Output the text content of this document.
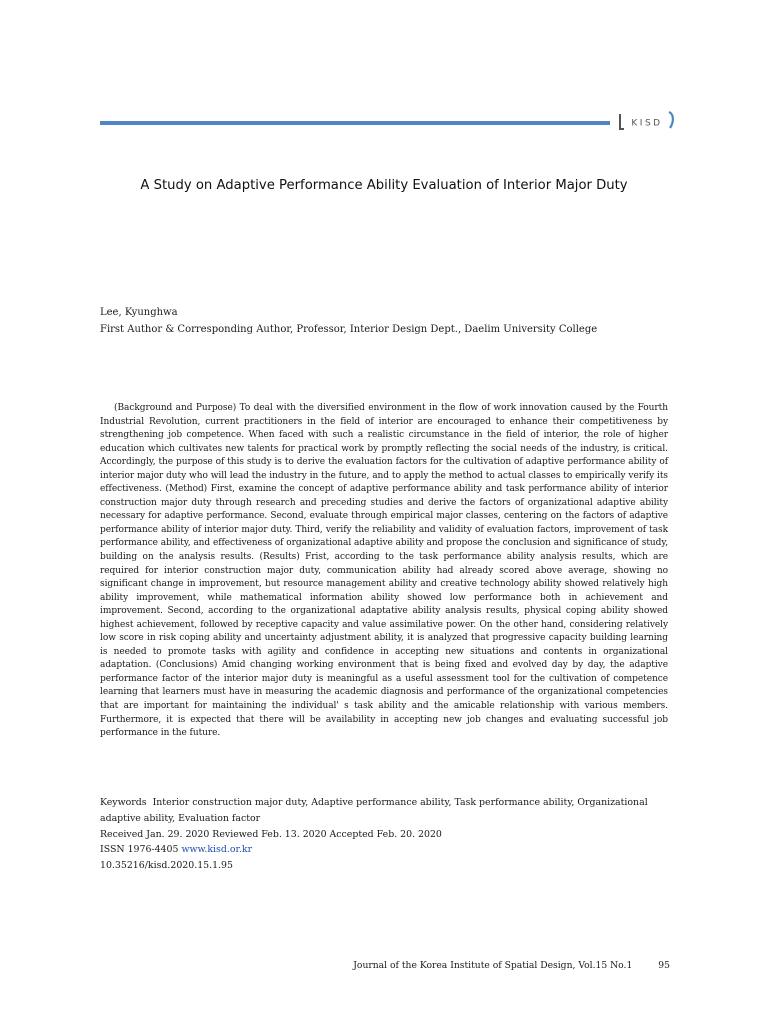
KISD
A Study on Adaptive Performance Ability Evaluation of Interior Major Duty
Lee, Kyunghwa
First Author & Corresponding Author, Professor, Interior Design Dept., Daelim University College

(Background and Purpose) To deal with the diversified environment in the flow of work innovation caused by the Fourth Industrial Revolution, current practitioners in the field of interior are encouraged to enhance their competitiveness by strengthening job competence. When faced with such a realistic circumstance in the field of interior, the role of higher education which cultivates new talents for practical work by promptly reflecting the social needs of the industry, is critical. Accordingly, the purpose of this study is to derive the evaluation factors for the cultivation of adaptive performance ability of interior major duty who will lead the industry in the future, and to apply the method to actual classes to empirically verify its effectiveness. (Method) First, examine the concept of adaptive performance ability and task performance ability of interior construction major duty through research and preceding studies and derive the factors of organizational adaptive ability necessary for adaptive performance. Second, evaluate through empirical major classes, centering on the factors of adaptive performance ability of interior major duty. Third, verify the reliability and validity of evaluation factors, improvement of task performance ability, and effectiveness of organizational adaptive ability and propose the conclusion and significance of study, building on the analysis results. (Results) Frist, according to the task performance ability analysis results, which are required for interior construction major duty, communication ability had already scored above average, showing no significant change in improvement, but resource management ability and creative technology ability showed relatively high ability improvement, while mathematical information ability showed low performance both in achievement and improvement. Second, according to the organizational adaptative ability analysis results, physical coping ability showed highest achievement, followed by receptive capacity and value assimilative power. On the other hand, considering relatively low score in risk coping ability and uncertainty adjustment ability, it is analyzed that progressive capacity building learning is needed to promote tasks with agility and confidence in accepting new situations and contents in organizational adaptation. (Conclusions) Amid changing working environment that is being fixed and evolved day by day, the adaptive performance factor of the interior major duty is meaningful as a useful assessment tool for the cultivation of competence learning that learners must have in measuring the academic diagnosis and performance of the organizational competencies that are important for maintaining the individual' s task ability and the amicable relationship with various members. Furthermore, it is expected that there will be availability in accepting new job changes and evaluating successful job performance in the future.

Keywords Interior construction major duty, Adaptive performance ability, Task performance ability, Organizational adaptive ability, Evaluation factor
Received Jan. 29. 2020 Reviewed Feb. 13. 2020 Accepted Feb. 20. 2020
ISSN 1976-4405 www.kisd.or.kr
10.35216/kisd.2020.15.1.95
Journal of the Korea Institute of Spatial Design, Vol.15 No.1	95
